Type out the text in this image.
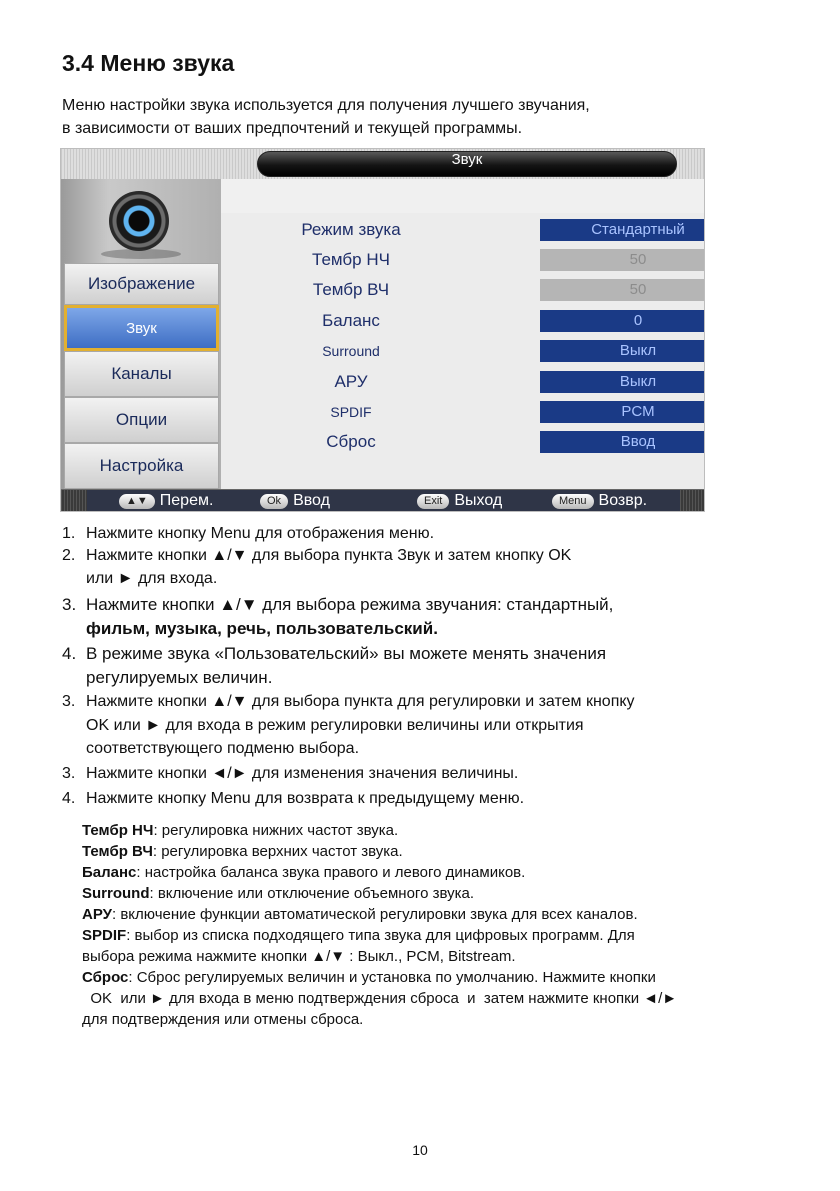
3.4 Меню звука
Меню настройки звука используется для получения лучшего звучания,
в зависимости от ваших предпочтений и текущей программы.
Звук
Изображение
Звук
Каналы
Опции
Настройка
Режим звука	Стандартный
Тембр НЧ	50
Тембр ВЧ	50
Баланс	0
Surround	Выкл
АРУ	Выкл
SPDIF	PCM
Сброс	Ввод
▲▼ Перем.	Ok Ввод	Exit Выход	Menu Возвр.
1. Нажмите кнопку Menu для отображения меню.
2. Нажмите кнопки ▲/▼ для выбора пункта Звук и затем кнопку OK
или ► для входа.
3. Нажмите кнопки ▲/▼ для выбора режима звучания: стандартный,
фильм, музыка, речь, пользовательский.
4. В режиме звука «Пользовательский» вы можете менять значения
регулируемых величин.
3. Нажмите кнопки ▲/▼ для выбора пункта для регулировки и затем кнопку
OK или ► для входа в режим регулировки величины или открытия
соответствующего подменю выбора.
3. Нажмите кнопки ◄/► для изменения значения величины.
4. Нажмите кнопку Menu для возврата к предыдущему меню.
Тембр НЧ: регулировка нижних частот звука.
Тембр ВЧ: регулировка верхних частот звука.
Баланс: настройка баланса звука правого и левого динамиков.
Surround: включение или отключение объемного звука.
АРУ: включение функции автоматической регулировки звука для всех каналов.
SPDIF: выбор из списка подходящего типа звука для цифровых программ. Для
выбора режима нажмите кнопки ▲/▼ : Выкл., PCM, Bitstream.
Сброс: Сброс регулируемых величин и установка по умолчанию. Нажмите кнопки
OK  или ► для входа в меню подтверждения сброса  и  затем нажмите кнопки ◄/►
для подтверждения или отмены сброса.
10
